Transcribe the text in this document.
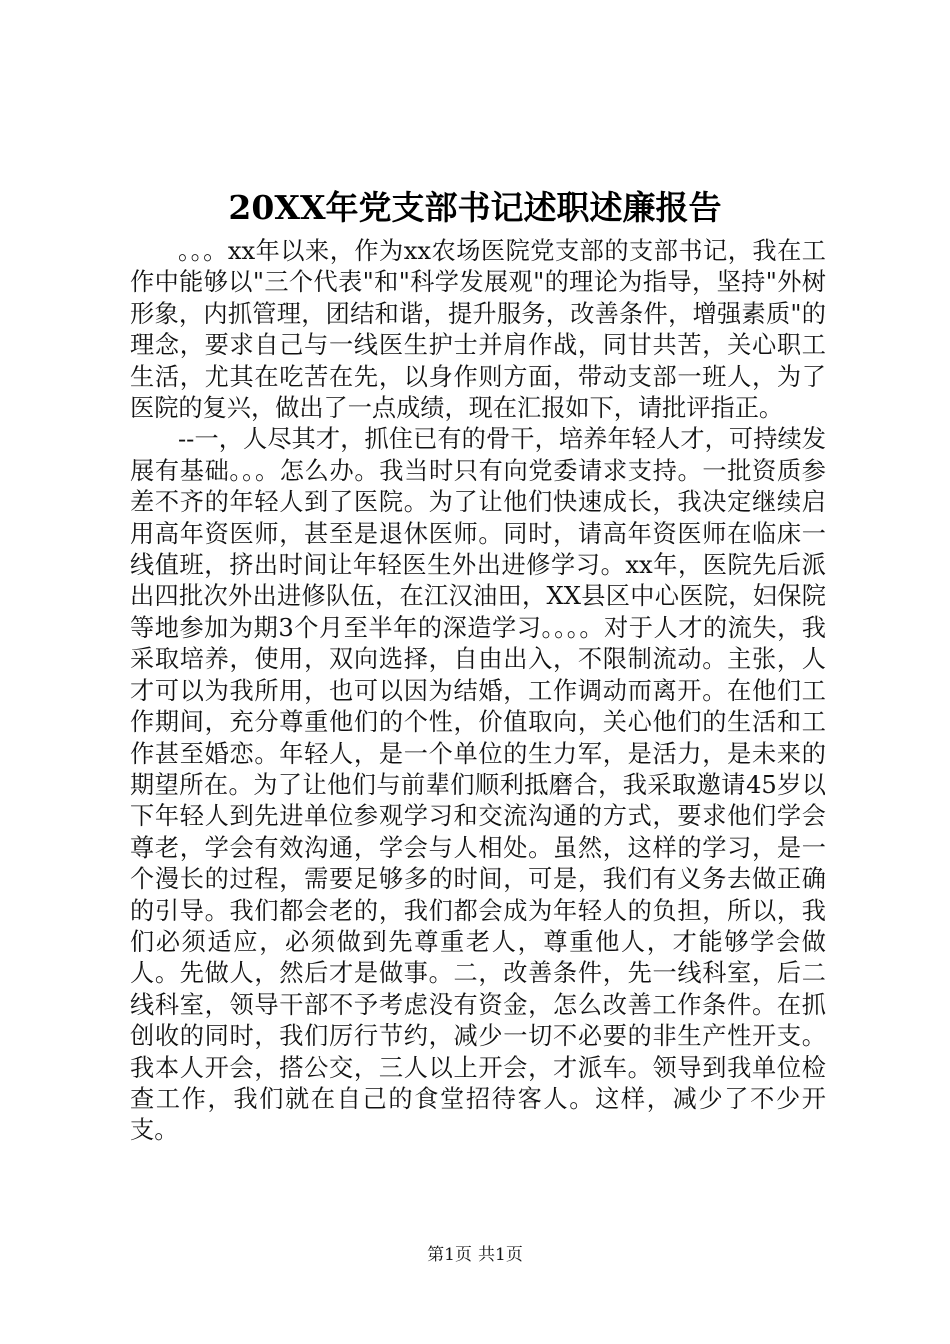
20XX年党支部书记述职述廉报告

。。。xx年以来，作为xx农场医院党支部的支部书记，我在工作中能够以"三个代表"和"科学发展观"的理论为指导，坚持"外树形象，内抓管理，团结和谐，提升服务，改善条件，增强素质"的理念，要求自己与一线医生护士并肩作战，同甘共苦，关心职工生活，尤其在吃苦在先，以身作则方面，带动支部一班人，为了医院的复兴，做出了一点成绩，现在汇报如下，请批评指正。

--一，人尽其才，抓住已有的骨干，培养年轻人才，可持续发展有基础。。。怎么办。我当时只有向党委请求支持。一批资质参差不齐的年轻人到了医院。为了让他们快速成长，我决定继续启用高年资医师，甚至是退休医师。同时，请高年资医师在临床一线值班，挤出时间让年轻医生外出进修学习。xx年，医院先后派出四批次外出进修队伍，在江汉油田，XX县区中心医院，妇保院等地参加为期3个月至半年的深造学习。。。。对于人才的流失，我采取培养，使用，双向选择，自由出入，不限制流动。主张，人才可以为我所用，也可以因为结婚，工作调动而离开。在他们工作期间，充分尊重他们的个性，价值取向，关心他们的生活和工作甚至婚恋。年轻人，是一个单位的生力军，是活力，是未来的期望所在。为了让他们与前辈们顺利抵磨合，我采取邀请45岁以下年轻人到先进单位参观学习和交流沟通的方式，要求他们学会尊老，学会有效沟通，学会与人相处。虽然，这样的学习，是一个漫长的过程，需要足够多的时间，可是，我们有义务去做正确的引导。我们都会老的，我们都会成为年轻人的负担，所以，我们必须适应，必须做到先尊重老人，尊重他人，才能够学会做人。先做人，然后才是做事。二，改善条件，先一线科室，后二线科室，领导干部不予考虑没有资金，怎么改善工作条件。在抓创收的同时，我们厉行节约，减少一切不必要的非生产性开支。我本人开会，搭公交，三人以上开会，才派车。领导到我单位检查工作，我们就在自己的食堂招待客人。这样，减少了不少开支。

第1页 共1页
